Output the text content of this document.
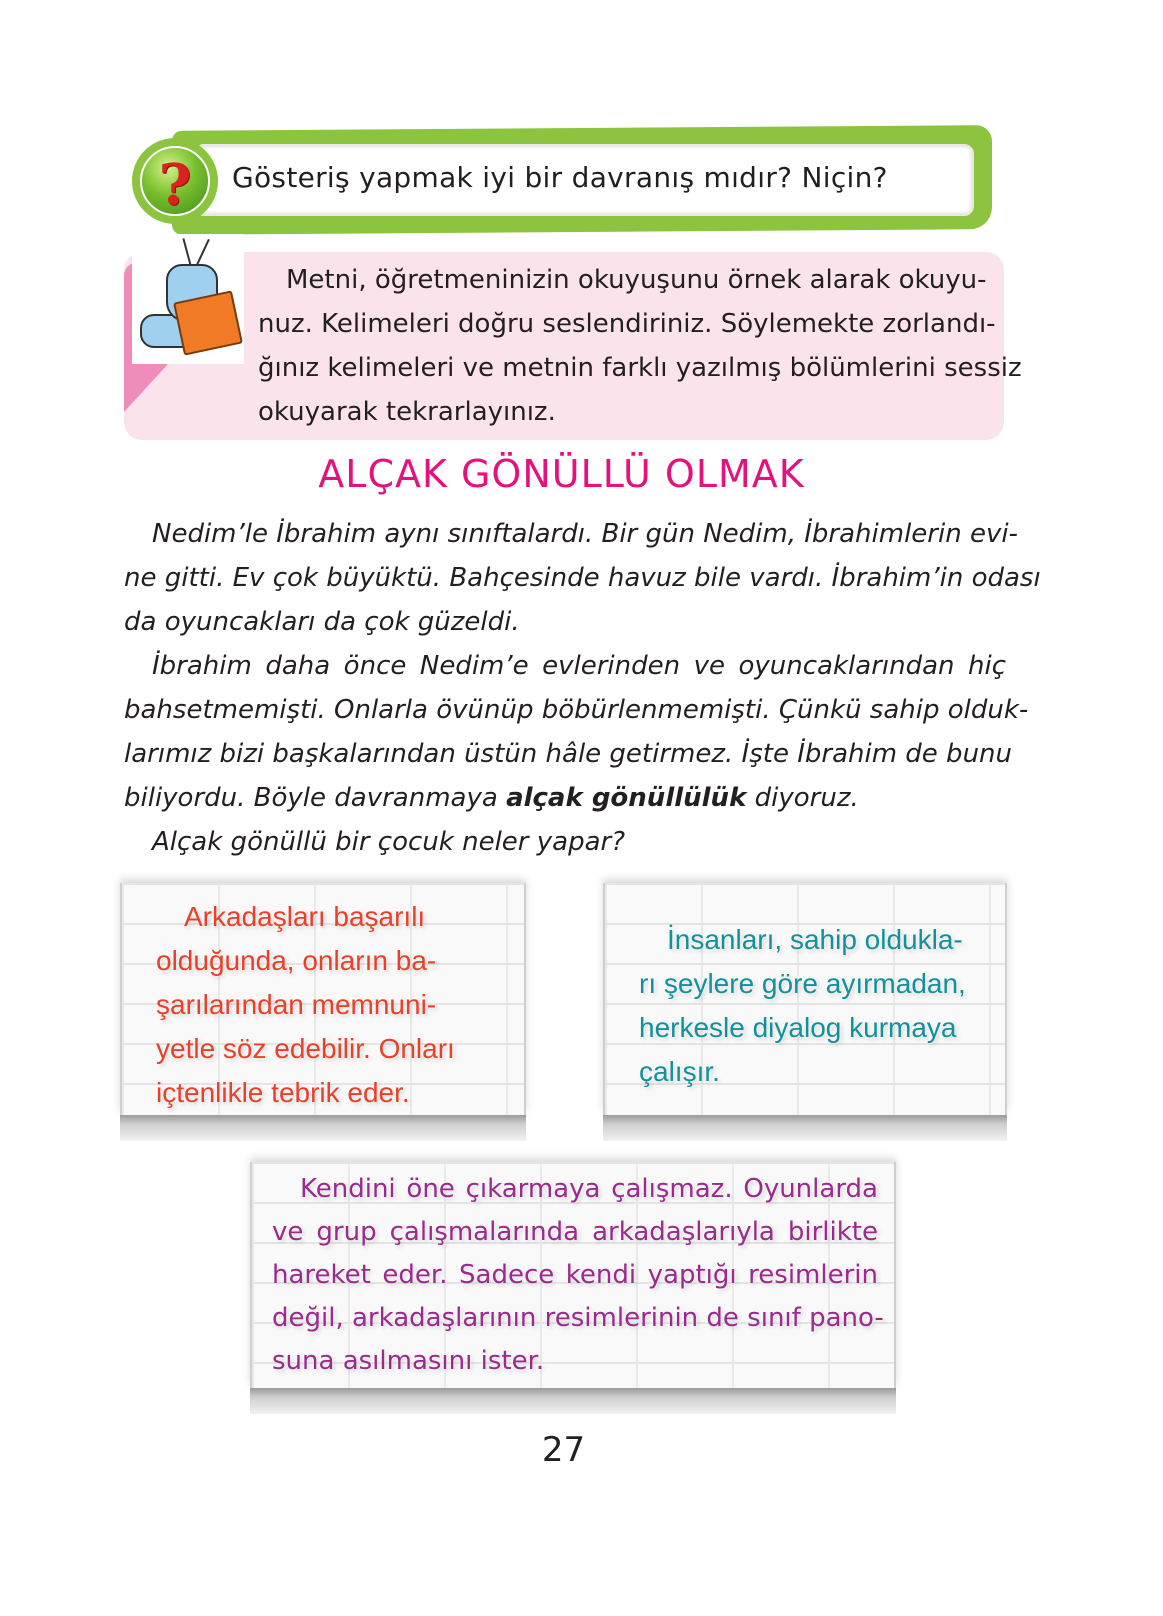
?	Gösteriş yapmak iyi bir davranış mıdır? Niçin?
Metni, öğretmeninizin okuyuşunu örnek alarak okuyu-
nuz. Kelimeleri doğru seslendiriniz. Söylemekte zorlandı-
ğınız kelimeleri ve metnin farklı yazılmış bölümlerini sessiz
okuyarak tekrarlayınız.
ALÇAK GÖNÜLLÜ OLMAK
Nedim’le İbrahim aynı sınıftalardı. Bir gün Nedim, İbrahimlerin evi-
ne gitti. Ev çok büyüktü. Bahçesinde havuz bile vardı. İbrahim’in odası
da oyuncakları da çok güzeldi.
İbrahim daha önce Nedim’e evlerinden ve oyuncaklarından hiç
bahsetmemişti. Onlarla övünüp böbürlenmemişti. Çünkü sahip olduk-
larımız bizi başkalarından üstün hâle getirmez. İşte İbrahim de bunu
biliyordu. Böyle davranmaya alçak gönüllülük diyoruz.
Alçak gönüllü bir çocuk neler yapar?
Arkadaşları başarılı
olduğunda, onların ba-
şarılarından memnuni-
yetle söz edebilir. Onları
içtenlikle tebrik eder.
İnsanları, sahip oldukla-
rı şeylere göre ayırmadan,
herkesle diyalog kurmaya
çalışır.
Kendini öne çıkarmaya çalışmaz. Oyunlarda
ve grup çalışmalarında arkadaşlarıyla birlikte
hareket eder. Sadece kendi yaptığı resimlerin
değil, arkadaşlarının resimlerinin de sınıf pano-
suna asılmasını ister.
27
